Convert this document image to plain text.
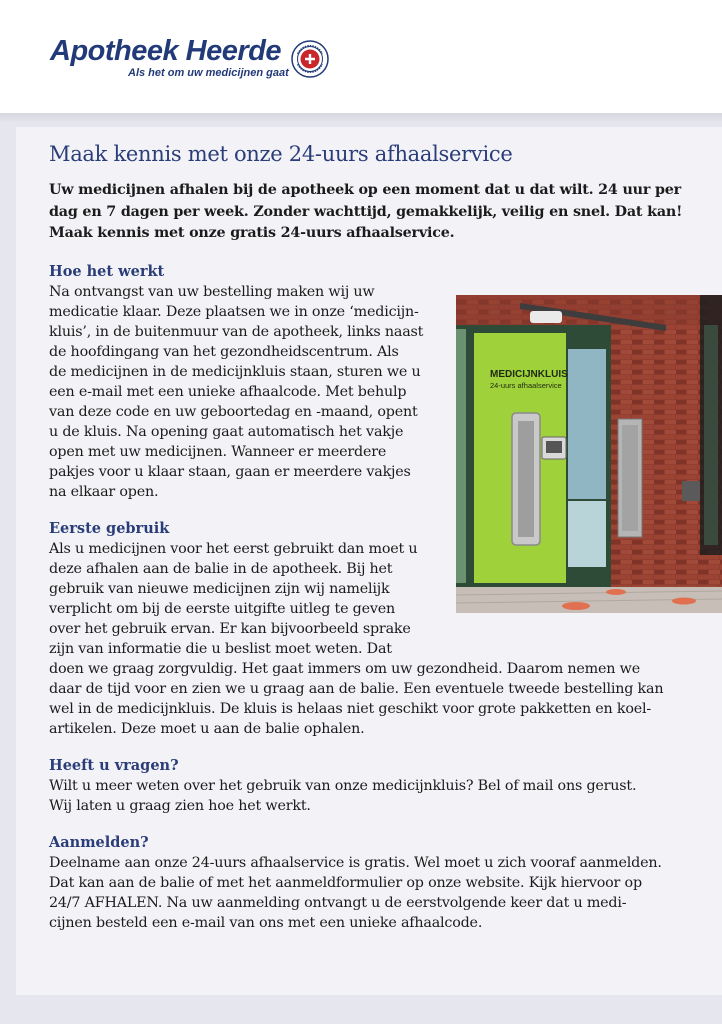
Apotheek Heerde
Als het om uw medicijnen gaat
Maak kennis met onze 24-uurs afhaalservice

Uw medicijnen afhalen bij de apotheek op een moment dat u dat wilt. 24 uur per dag en 7 dagen per week. Zonder wachttijd, gemakkelijk, veilig en snel. Dat kan! Maak kennis met onze gratis 24-uurs afhaalservice.

Hoe het werkt

Na ontvangst van uw bestelling maken wij uw

medicatie klaar. Deze plaatsen we in onze ‘medicijn-

kluis’, in de buitenmuur van de apotheek, links naast

de hoofdingang van het gezondheidscentrum. Als

de medicijnen in de medicijnkluis staan, sturen we u

een e-mail met een unieke afhaalcode. Met behulp

van deze code en uw geboortedag en -maand, opent

u de kluis. Na opening gaat automatisch het vakje

open met uw medicijnen. Wanneer er meerdere

pakjes voor u klaar staan, gaan er meerdere vakjes

na elkaar open.

Eerste gebruik

Als u medicijnen voor het eerst gebruikt dan moet u

deze afhalen aan de balie in de apotheek. Bij het

gebruik van nieuwe medicijnen zijn wij namelijk

verplicht om bij de eerste uitgifte uitleg te geven

over het gebruik ervan. Er kan bijvoorbeeld sprake

zijn van informatie die u beslist moet weten. Dat

doen we graag zorgvuldig. Het gaat immers om uw gezondheid. Daarom nemen we

daar de tijd voor en zien we u graag aan de balie. Een eventuele tweede bestelling kan

wel in de medicijnkluis. De kluis is helaas niet geschikt voor grote pakketten en koel-

artikelen. Deze moet u aan de balie ophalen.

Heeft u vragen?

Wilt u meer weten over het gebruik van onze medicijnkluis? Bel of mail ons gerust.

Wij laten u graag zien hoe het werkt.

Aanmelden?

Deelname aan onze 24-uurs afhaalservice is gratis. Wel moet u zich vooraf aanmelden.

Dat kan aan de balie of met het aanmeldformulier op onze website. Kijk hiervoor op

24/7 AFHALEN. Na uw aanmelding ontvangt u de eerstvolgende keer dat u medi-

cijnen besteld een e-mail van ons met een unieke afhaalcode.

MEDICIJNKLUIS
24-uurs afhaalservice
